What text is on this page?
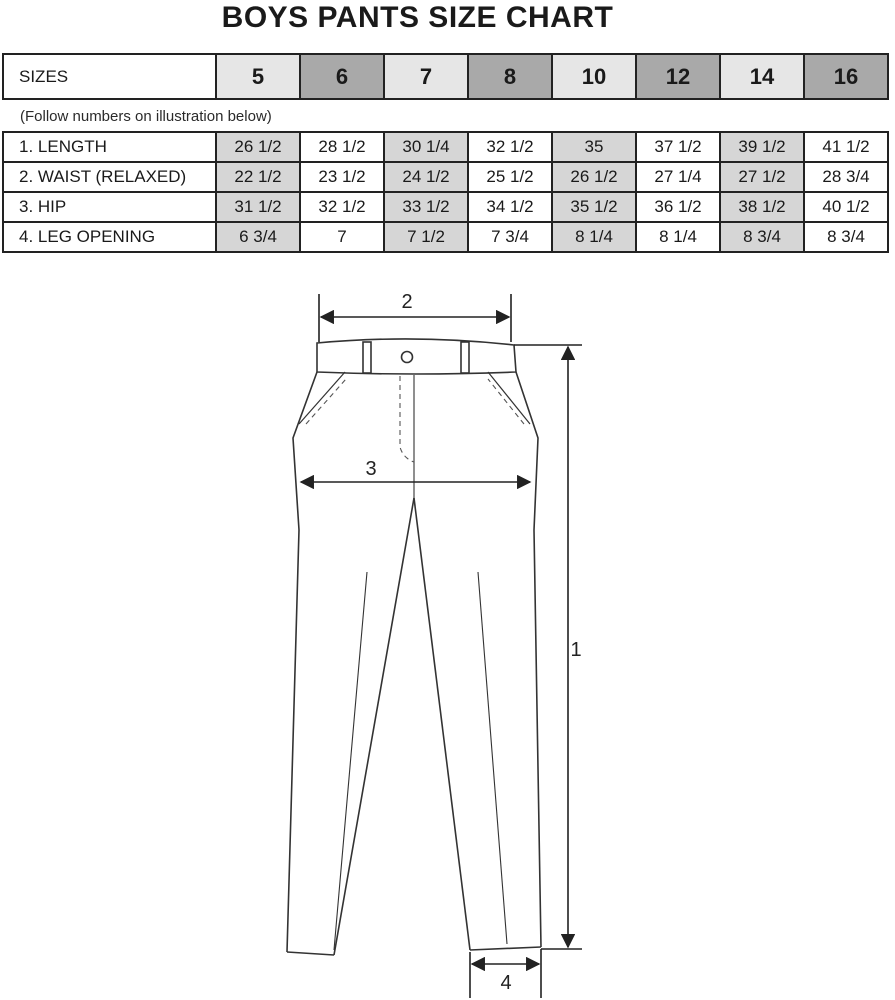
BOYS PANTS SIZE CHART
SIZES	5	6	7	8	10	12	14	16
(Follow numbers on illustration below)
1. LENGTH	26 1/2	28 1/2	30 1/4	32 1/2	35	37 1/2	39 1/2	41 1/2
2. WAIST (RELAXED)	22 1/2	23 1/2	24 1/2	25 1/2	26 1/2	27 1/4	27 1/2	28 3/4
3. HIP	31 1/2	32 1/2	33 1/2	34 1/2	35 1/2	36 1/2	38 1/2	40 1/2
4. LEG OPENING	6 3/4	7	7 1/2	7 3/4	8 1/4	8 1/4	8 3/4	8 3/4
2
3
1
4
